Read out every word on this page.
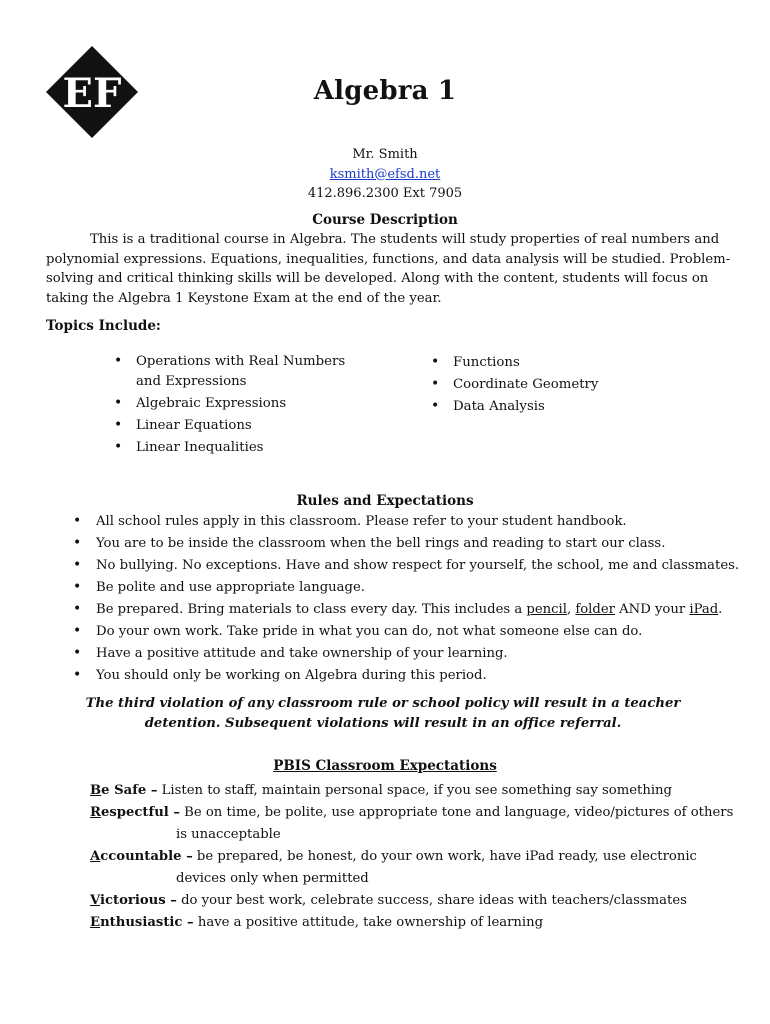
EF	Algebra 1
Mr. Smith
ksmith@efsd.net
412.896.2300 Ext 7905
Course Description

This is a traditional course in Algebra. The students will study properties of real numbers and polynomial expressions. Equations, inequalities, functions, and data analysis will be studied. Problem-solving and critical thinking skills will be developed. Along with the content, students will focus on taking the Algebra 1 Keystone Exam at the end of the year.

Topics Include:
• Operations with Real Numbers and Expressions
• Algebraic Expressions
• Linear Equations
• Linear Inequalities
• Functions
• Coordinate Geometry
• Data Analysis
Rules and Expectations
• All school rules apply in this classroom. Please refer to your student handbook.
• You are to be inside the classroom when the bell rings and reading to start our class.
• No bullying. No exceptions. Have and show respect for yourself, the school, me and classmates.
• Be polite and use appropriate language.
• Be prepared. Bring materials to class every day. This includes a pencil, folder AND your iPad.
• Do your own work. Take pride in what you can do, not what someone else can do.
• Have a positive attitude and take ownership of your learning.
• You should only be working on Algebra during this period.
The third violation of any classroom rule or school policy will result in a teacher
detention. Subsequent violations will result in an office referral.
PBIS Classroom Expectations
Be Safe – Listen to staff, maintain personal space, if you see something say something
Respectful – Be on time, be polite, use appropriate tone and language, video/pictures of others
is unacceptable
Accountable – be prepared, be honest, do your own work, have iPad ready, use electronic
devices only when permitted
Victorious – do your best work, celebrate success, share ideas with teachers/classmates
Enthusiastic – have a positive attitude, take ownership of learning
